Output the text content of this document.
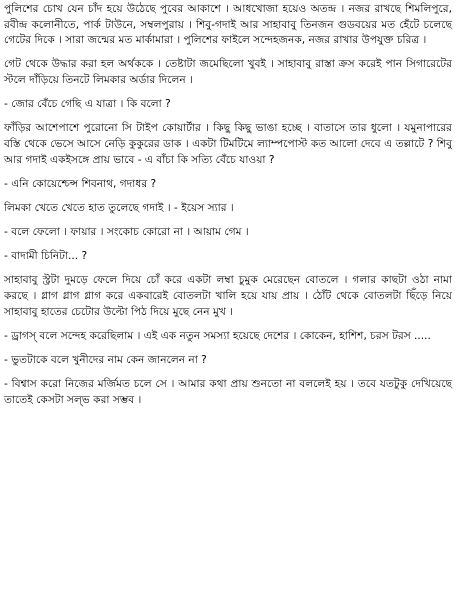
পুলিশের চোখ যেন চাঁদ হয়ে উঠেছে পুবের আকাশে । আধখোজা হয়েও অতন্দ্র । নজর রাখছে শিমলিপুরে, রবীন্দ্র কলোনীতে, পার্ক টাউনে, সম্বলপুরায় । শিবু-গদাই আর সাহাবাবু তিনজন গুডবয়ের মত হেঁটে চলেছে গেটের দিকে । সারা জন্মের মত মার্কামারা । পুলিশের ফাইলে সন্দেহজনক, নজর রাখার উপযুক্ত চরিত্র ।

গেট থেকে উদ্ধার করা হল অর্থককে । তেষ্টাটা জমেছিলো খুবই । সাহাবাবু রাস্তা ক্রস করেই পান সিগারেটের স্টলে দাঁড়িয়ে তিনটে লিমকার অর্ডার দিলেন ।

- জোর বেঁচে গেছি এ যাত্রা । কি বলো ?

ফাঁড়ির আশেপাশে পুরোনো সি টাইপ কোয়ার্টার । কিছু কিছু ভাঙা হচ্ছে । বাতাসে তার ধুলো । যমুনাপারের বস্তি থেকে ভেসে আসে নেড়ি কুকুরের ডাক । একটা টিমটিমে ল্যাম্পপোস্ট কত আলো দেবে এ তল্লাটে ? শিবু আর গদাই একইসঙ্গে প্রায় ভাবে - এ বাঁচা কি সত্যি বেঁচে যাওয়া ?

- এনি কোয়েশ্চেন্স শিবনাথ, গদাধর ?

লিমকা খেতে খেতে হাত তুলেছে গদাই । - ইয়েস স্যার ।

- বলে ফেলো । ফায়ার । সংকোচ কোরো না । আয়াম গেম ।

- বাদামী চিনিটা... ?

সাহাবাবু স্ট্রটা দুমড়ে ফেলে দিয়ে চোঁ করে একটা লম্বা চুমুক মেরেছেন বোতলে । গলার কাছটা ওঠা নামা করছে । গ্লাগ গ্লাগ গ্লাগ করে একবারেই বোতলটা খালি হয়ে যায় প্রায় । ঠোঁট থেকে বোতলটা ছিঁড়ে নিয়ে সাহাবাবু হাতের চেটোর উল্টো পিঠ দিয়ে মুছে নেন মুখ ।

- ড্রাগস্ বলে সন্দেহ করেছিলাম । এই এক নতুন সমস্যা হয়েছে দেশের । কোকেন, হাশিশ, চরস টরস .....

- ভুতটাকে বলে খুনীদের নাম কেন জানলেন না ?

- বিশ্বাস করো নিজের মর্জিমত চলে সে । আমার কথা প্রায় শুনতো না বললেই হয় । তবে যতটুকু দেখিয়েছে তাতেই কেসটা সল্ভ করা সম্ভব ।
